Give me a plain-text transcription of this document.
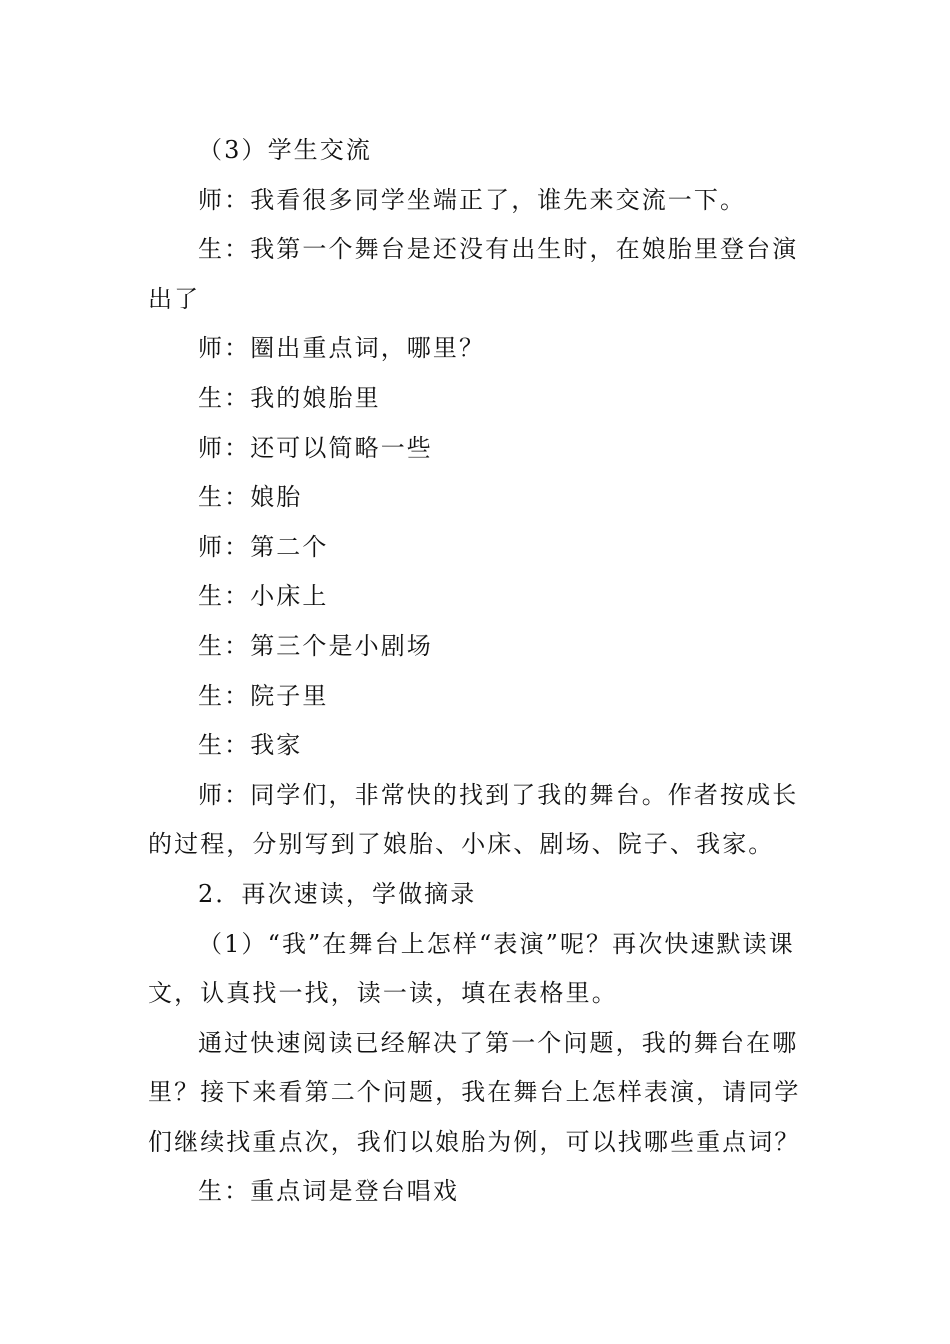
（3）学生交流

师：我看很多同学坐端正了，谁先来交流一下。

生：我第一个舞台是还没有出生时，在娘胎里登台演出了

师：圈出重点词，哪里？

生：我的娘胎里

师：还可以简略一些

生：娘胎

师：第二个

生：小床上

生：第三个是小剧场

生：院子里

生：我家

师：同学们，非常快的找到了我的舞台。作者按成长的过程，分别写到了娘胎、小床、剧场、院子、我家。

2．再次速读，学做摘录

（1）“我”在舞台上怎样“表演”呢？再次快速默读课文，认真找一找，读一读，填在表格里。

通过快速阅读已经解决了第一个问题，我的舞台在哪里？接下来看第二个问题，我在舞台上怎样表演，请同学们继续找重点次，我们以娘胎为例，可以找哪些重点词？

生：重点词是登台唱戏
